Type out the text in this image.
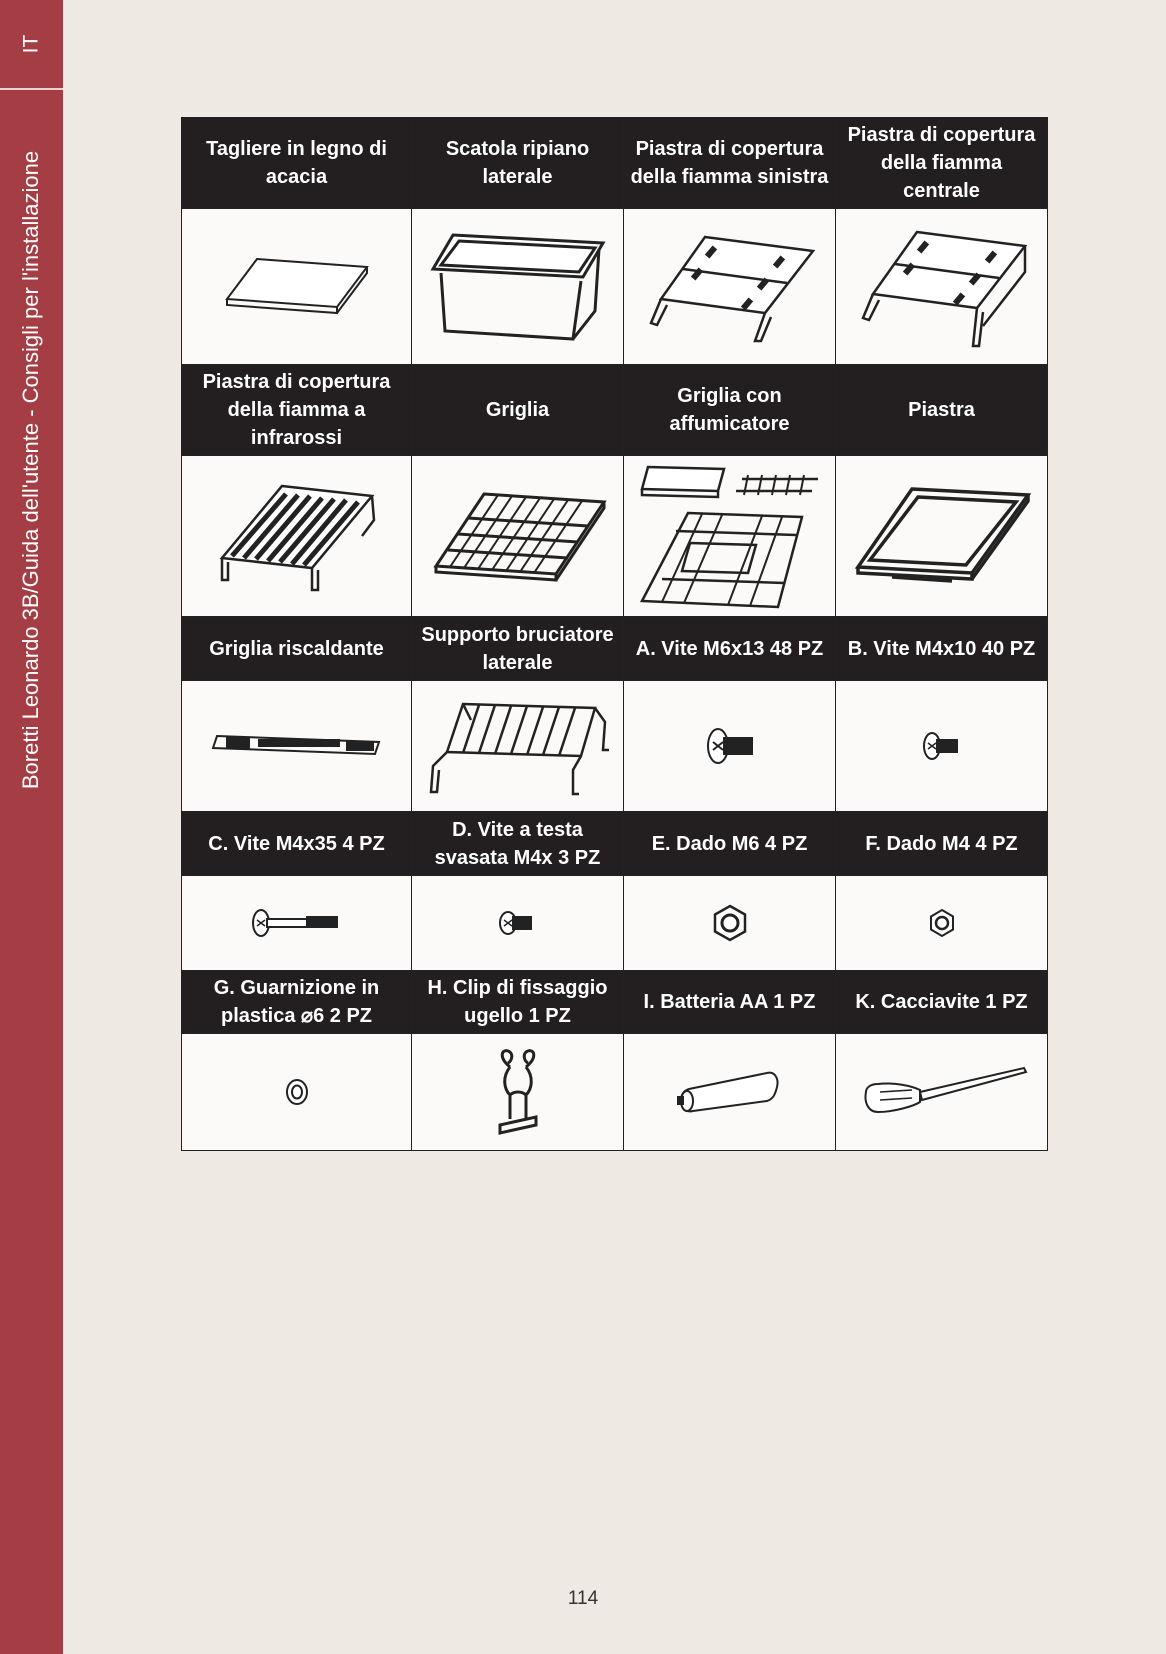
IT
Boretti Leonardo 3B/Guida dell'utente - Consigli per l'installazione
Tagliere in legno di acacia	Scatola ripiano laterale	Piastra di copertura della fiamma sinistra	Piastra di copertura della fiamma centrale

Piastra di copertura della fiamma a infrarossi	Griglia	Griglia con affumicatore	Piastra

Griglia riscaldante	Supporto bruciatore laterale	A. Vite M6x13 48 PZ	B. Vite M4x10 40 PZ

C. Vite M4x35 4 PZ	D. Vite a testa svasata M4x 3 PZ	E. Dado M6 4 PZ	F. Dado M4 4 PZ

G. Guarnizione in plastica ⌀6 2 PZ	H. Clip di fissaggio ugello 1 PZ	I. Batteria AA 1 PZ	K. Cacciavite 1 PZ

114
